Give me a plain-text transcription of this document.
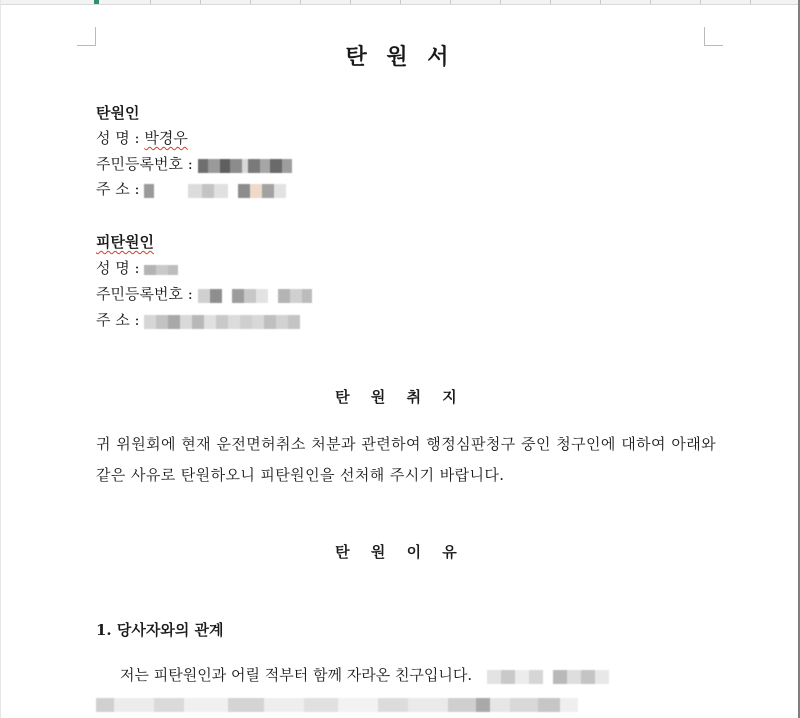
탄 원 서
탄원인
성 명 : 박경우
주민등록번호 :
주 소 :
피탄원인
성 명 :
주민등록번호 :
주 소 :
탄 원 취 지
귀 위원회에 현재 운전면허취소 처분과 관련하여 행정심판청구 중인 청구인에 대하여 아래와 같은 사유로 탄원하오니 피탄원인을 선처해 주시기 바랍니다.
탄 원 이 유
1. 당사자와의 관계
저는 피탄원인과 어릴 적부터 함께 자라온 친구입니다.
